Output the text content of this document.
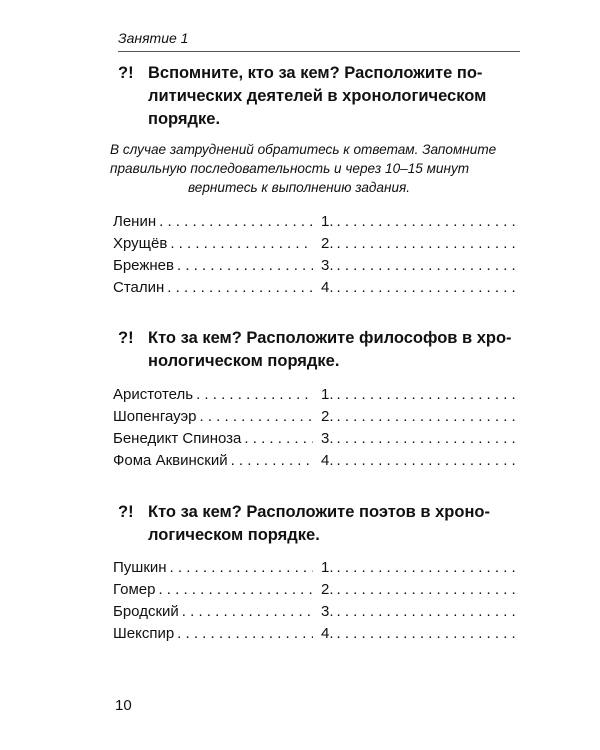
Занятие 1
?! Вспомните, кто за кем? Расположите по-
литических деятелей в хронологическом
порядке.
В случае затруднений обратитесь к ответам. Запомните
правильную последовательность и через 10–15 минут
вернитесь к выполнению задания.
Ленин . . .	1.
. . .
Хрущёв . . .	2.
. . .
Брежнев . . .	3.
. . .
Сталин . . .	4.
. . .
?! Кто за кем? Расположите философов в хро-
нологическом порядке.
Аристотель . . .	1.
. . .
Шопенгауэр . . .	2.
. . .
Бенедикт Спиноза . . .	3.
. . .
Фома Аквинский . . .	4.
. . .
?! Кто за кем? Расположите поэтов в хроно-
логическом порядке.
Пушкин . . .	1.
. . .
Гомер . . .	2.
. . .
Бродский . . .	3.
. . .
Шекспир . . .	4.
. . .
10
